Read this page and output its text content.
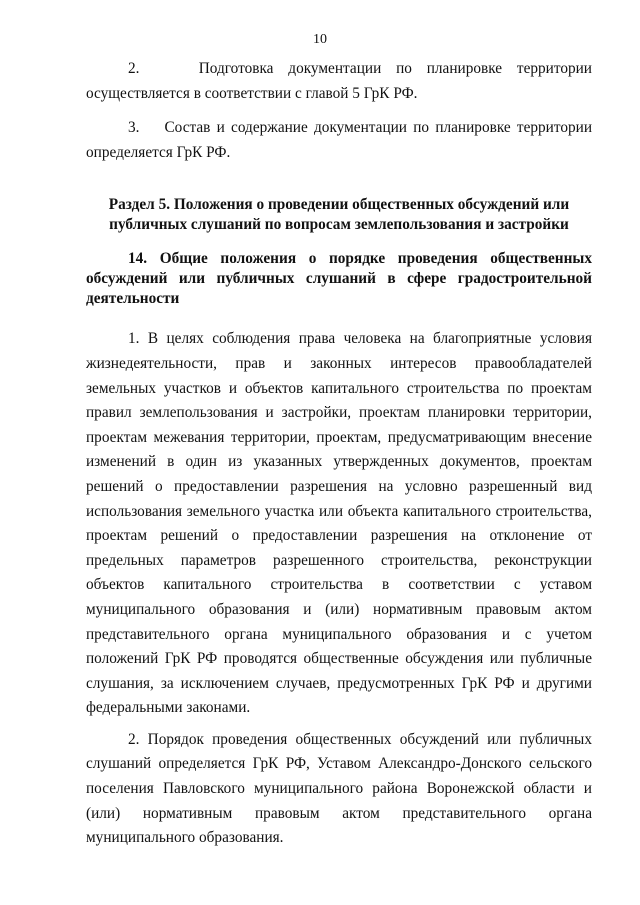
10

2.	Подготовка документации по планировке территории осуществляется в соответствии с главой 5 ГрК РФ.

3. Состав и содержание документации по планировке территории определяется ГрК РФ.

Раздел 5. Положения о проведении общественных обсуждений или публичных слушаний по вопросам землепользования и застройки
14. Общие положения о порядке проведения общественных обсуждений или публичных слушаний в сфере градостроительной деятельности

1. В целях соблюдения права человека на благоприятные условия жизнедеятельности, прав и законных интересов правообладателей земельных участков и объектов капитального строительства по проектам правил землепользования и застройки, проектам планировки территории, проектам межевания территории, проектам, предусматривающим внесение изменений в один из указанных утвержденных документов, проектам решений о предоставлении разрешения на условно разрешенный вид использования земельного участка или объекта капитального строительства, проектам решений о предоставлении разрешения на отклонение от предельных параметров разрешенного строительства, реконструкции объектов капитального строительства в соответствии с уставом муниципального образования и (или) нормативным правовым актом представительного органа муниципального образования и с учетом положений ГрК РФ проводятся общественные обсуждения или публичные слушания, за исключением случаев, предусмотренных ГрК РФ и другими федеральными законами.

2. Порядок проведения общественных обсуждений или публичных слушаний определяется ГрК РФ, Уставом Александро-Донского сельского поселения Павловского муниципального района Воронежской области и (или) нормативным правовым актом представительного органа муниципального образования.
